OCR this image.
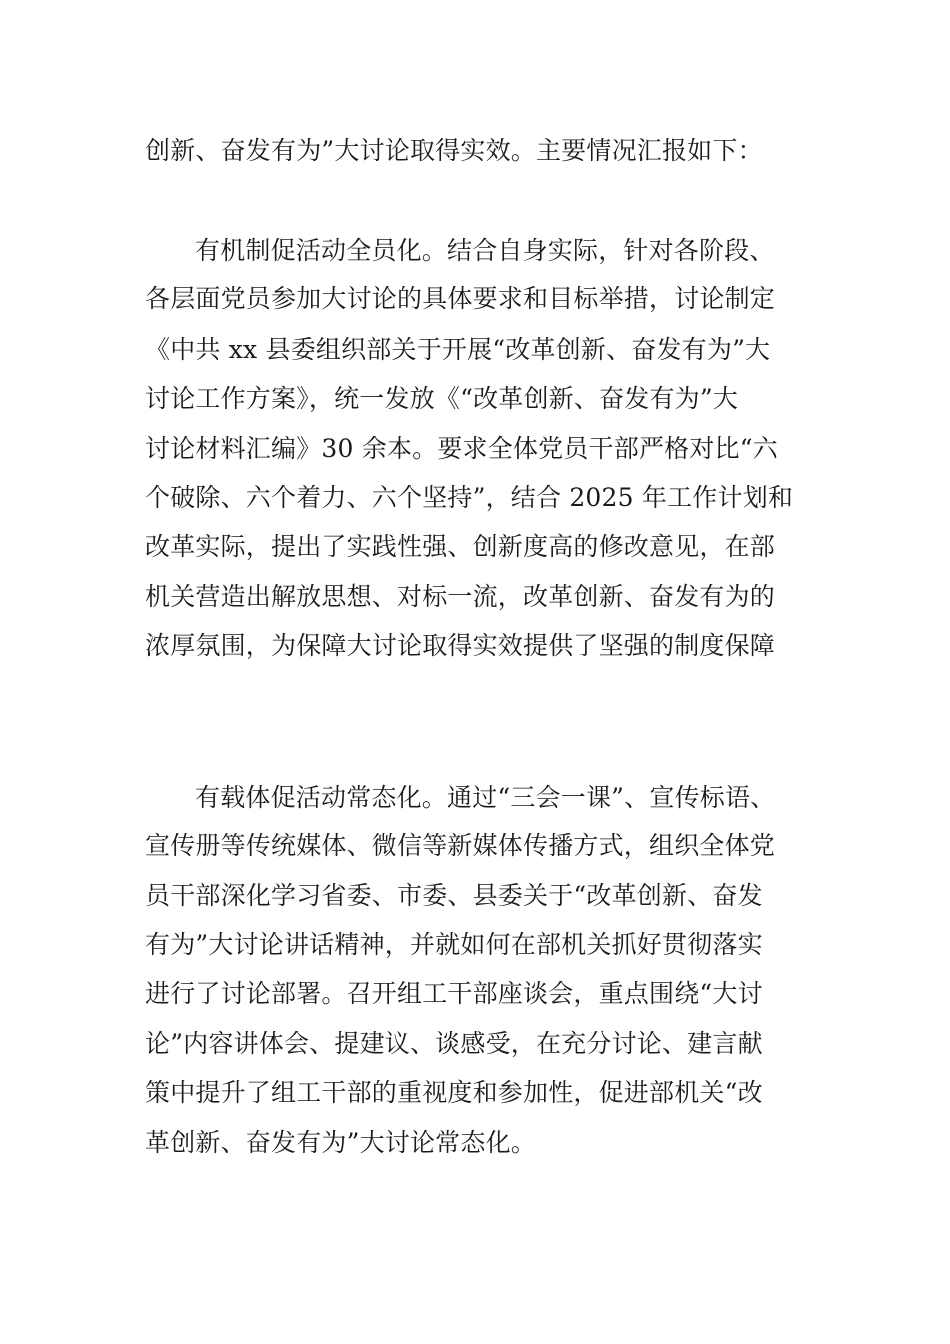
创新、奋发有为”大讨论取得实效。主要情况汇报如下：
有机制促活动全员化。结合自身实际，针对各阶段、
各层面党员参加大讨论的具体要求和目标举措，讨论制定
《中共 xx 县委组织部关于开展“改革创新、奋发有为”大
讨论工作方案》，统一发放《“改革创新、奋发有为”大
讨论材料汇编》30 余本。要求全体党员干部严格对比“六
个破除、六个着力、六个坚持”，结合 2025 年工作计划和
改革实际，提出了实践性强、创新度高的修改意见，在部
机关营造出解放思想、对标一流，改革创新、奋发有为的
浓厚氛围，为保障大讨论取得实效提供了坚强的制度保障
有载体促活动常态化。通过“三会一课”、宣传标语、
宣传册等传统媒体、微信等新媒体传播方式，组织全体党
员干部深化学习省委、市委、县委关于“改革创新、奋发
有为”大讨论讲话精神，并就如何在部机关抓好贯彻落实
进行了讨论部署。召开组工干部座谈会，重点围绕“大讨
论”内容讲体会、提建议、谈感受，在充分讨论、建言献
策中提升了组工干部的重视度和参加性，促进部机关“改
革创新、奋发有为”大讨论常态化。
